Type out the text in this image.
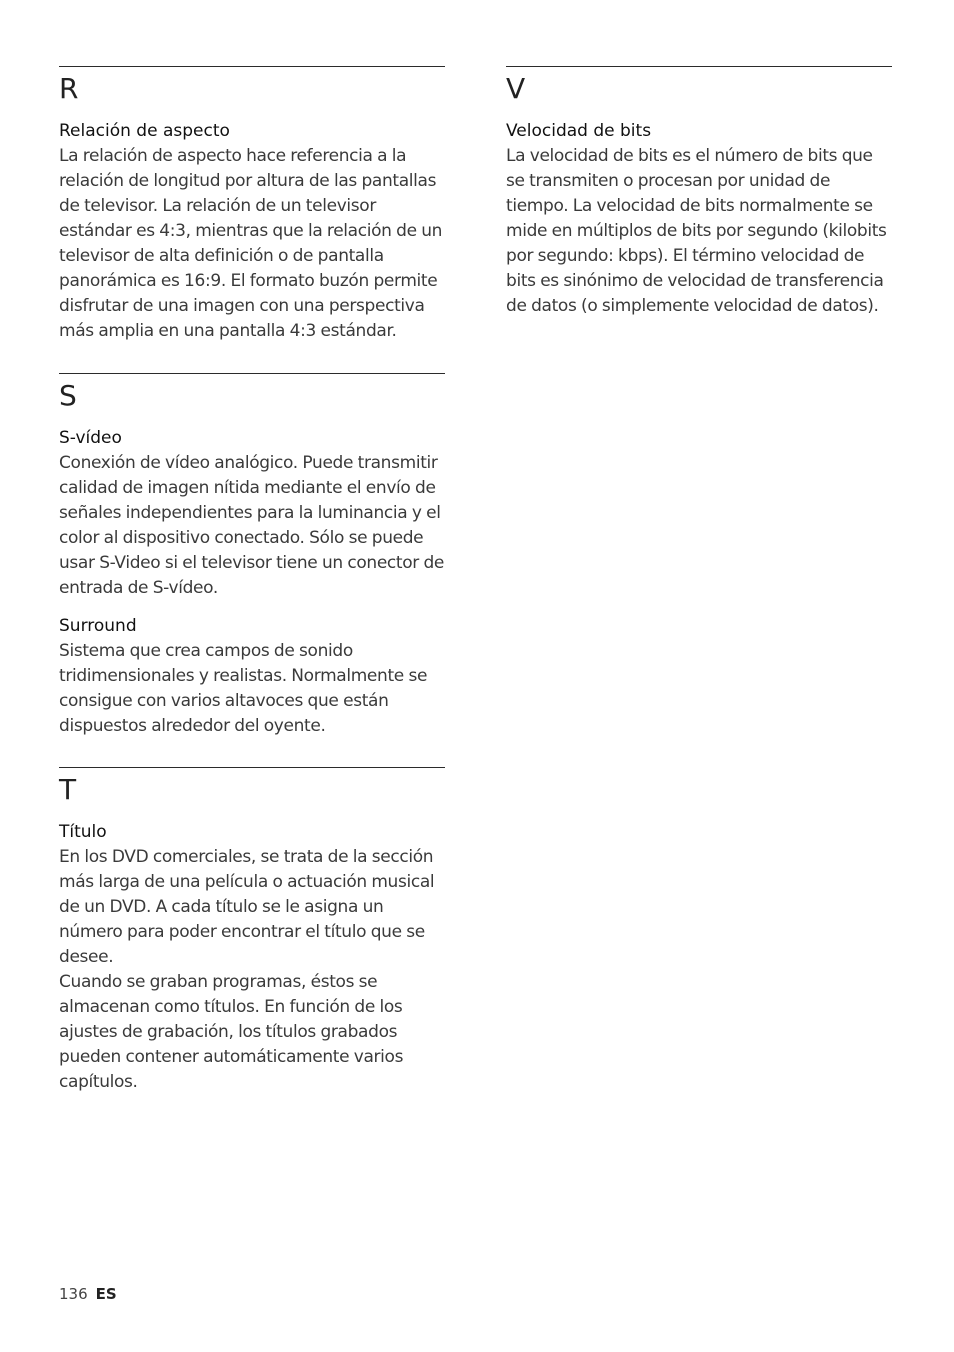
R
Relación de aspecto

La relación de aspecto hace referencia a la relación de longitud por altura de las pantallas de televisor. La relación de un televisor estándar es 4:3, mientras que la relación de un televisor de alta definición o de pantalla panorámica es 16:9. El formato buzón permite disfrutar de una imagen con una perspectiva más amplia en una pantalla 4:3 estándar.

S
S-vídeo

Conexión de vídeo analógico. Puede transmitir calidad de imagen nítida mediante el envío de señales independientes para la luminancia y el color al dispositivo conectado. Sólo se puede usar S-Video si el televisor tiene un conector de entrada de S-vídeo.

Surround

Sistema que crea campos de sonido tridimensionales y realistas. Normalmente se consigue con varios altavoces que están dispuestos alrededor del oyente.

T
Título

En los DVD comerciales, se trata de la sección más larga de una película o actuación musical de un DVD. A cada título se le asigna un número para poder encontrar el título que se desee.

Cuando se graban programas, éstos se almacenan como títulos. En función de los ajustes de grabación, los títulos grabados pueden contener automáticamente varios capítulos.

V
Velocidad de bits

La velocidad de bits es el número de bits que se transmiten o procesan por unidad de tiempo. La velocidad de bits normalmente se mide en múltiplos de bits por segundo (kilobits por segundo: kbps). El término velocidad de bits es sinónimo de velocidad de transferencia de datos (o simplemente velocidad de datos).

136 ES
